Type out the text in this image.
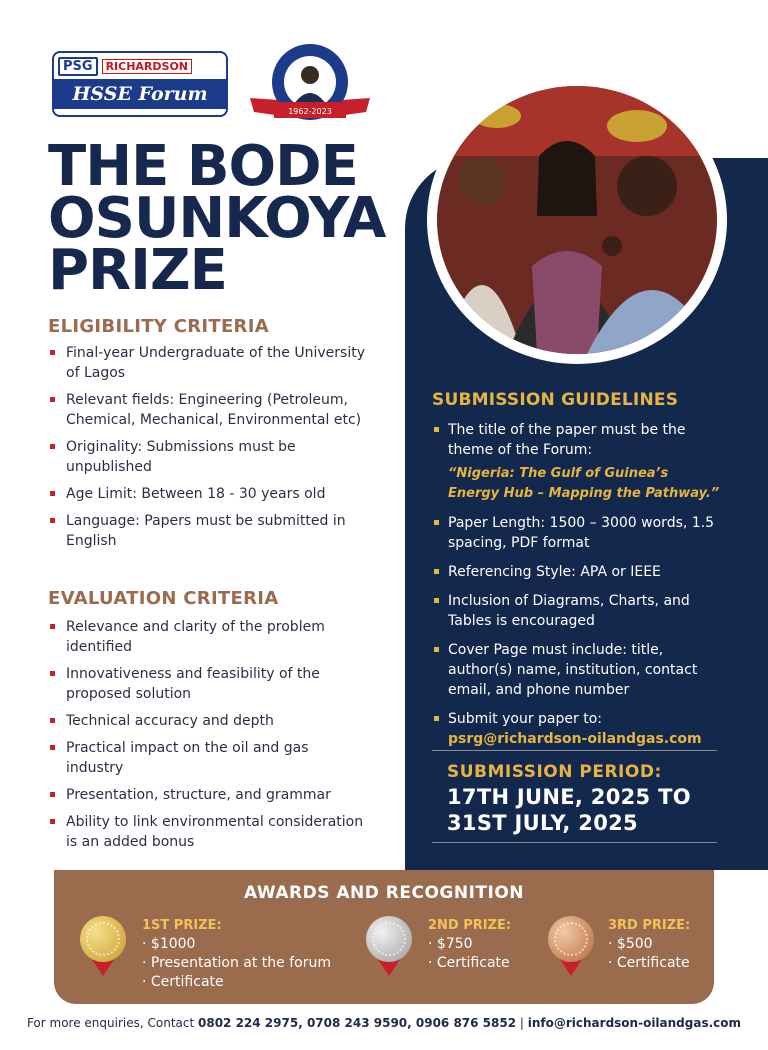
PSG	RICHARDSON
HSSE Forum
1962-2023
THE BODE
OSUNKOYA
PRIZE
ELIGIBILITY CRITERIA
Final-year Undergraduate of the University of Lagos
Relevant fields: Engineering (Petroleum, Chemical, Mechanical, Environmental etc)
Originality: Submissions must be unpublished
Age Limit: Between 18 - 30 years old
Language: Papers must be submitted in English
EVALUATION CRITERIA
Relevance and clarity of the problem identified
Innovativeness and feasibility of the proposed solution
Technical accuracy and depth
Practical impact on the oil and gas industry
Presentation, structure, and grammar
Ability to link environmental consideration is an added bonus
SUBMISSION GUIDELINES
The title of the paper must be the theme of the Forum:
“Nigeria: The Gulf of Guinea’s Energy Hub – Mapping the Pathway.”
Paper Length: 1500 – 3000 words, 1.5 spacing, PDF format
Referencing Style: APA or IEEE
Inclusion of Diagrams, Charts, and Tables is encouraged
Cover Page must include: title, author(s) name, institution, contact email, and phone number
Submit your paper to:
psrg@richardson-oilandgas.com
SUBMISSION PERIOD:
17TH JUNE, 2025 TO 31ST JULY, 2025
AWARDS AND RECOGNITION
1ST PRIZE:
· $1000
· Presentation at the forum
· Certificate
2ND PRIZE:
· $750
· Certificate
3RD PRIZE:
· $500
· Certificate
For more enquiries, Contact 0802 224 2975, 0708 243 9590, 0906 876 5852 | info@richardson-oilandgas.com
